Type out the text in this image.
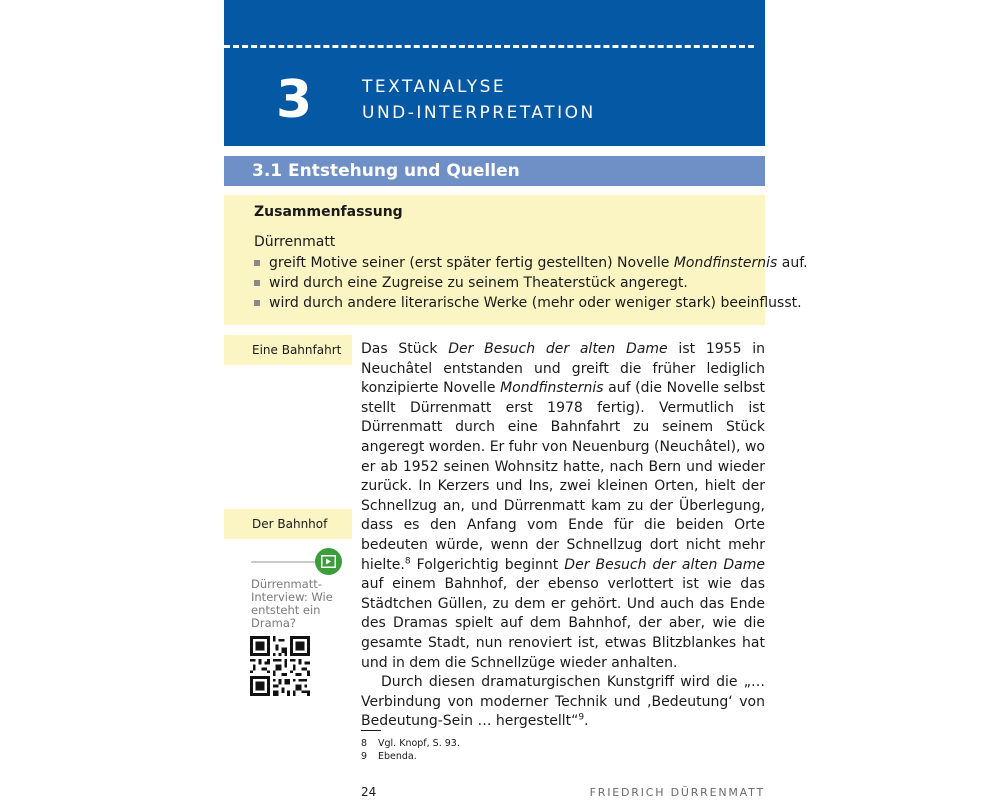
3	TEXTANALYSE
UND-INTERPRETATION
3.1 Entstehung und Quellen
Zusammenfassung
Dürrenmatt
greift Motive seiner (erst später fertig gestellten) Novelle Mondfinsternis auf.
wird durch eine Zugreise zu seinem Theaterstück angeregt.
wird durch andere literarische Werke (mehr oder weniger stark) beeinflusst.
Eine Bahnfahrt
Der Bahnhof
Dürrenmatt-Interview: Wie entsteht ein Drama?

Das Stück Der Besuch der alten Dame ist 1955 in Neuchâtel entstanden und greift die früher lediglich konzipierte Novelle Mondfinsternis auf (die Novelle selbst stellt Dürrenmatt erst 1978 fertig). Vermutlich ist Dürrenmatt durch eine Bahnfahrt zu seinem Stück angeregt worden. Er fuhr von Neuenburg (Neuchâtel), wo er ab 1952 seinen Wohnsitz hatte, nach Bern und wieder zurück. In Kerzers und Ins, zwei kleinen Orten, hielt der Schnellzug an, und Dürrenmatt kam zu der Überlegung, dass es den Anfang vom Ende für die beiden Orte bedeuten würde, wenn der Schnellzug dort nicht mehr hielte.$^8$ Folgerichtig beginnt Der Besuch der alten Dame auf einem Bahnhof, der ebenso verlottert ist wie das Städtchen Güllen, zu dem er gehört. Und auch das Ende des Dramas spielt auf dem Bahnhof, der aber, wie die gesamte Stadt, nun renoviert ist, etwas Blitzblankes hat und in dem die Schnellzüge wieder anhalten.

Durch diesen dramaturgischen Kunstgriff wird die „… Verbindung von moderner Technik und ‚Bedeutung‘ von Bedeutung-Sein … hergestellt“$^9$.

8 Vgl. Knopf, S. 93.
9 Ebenda.
24	FRIEDRICH DÜRRENMATT
